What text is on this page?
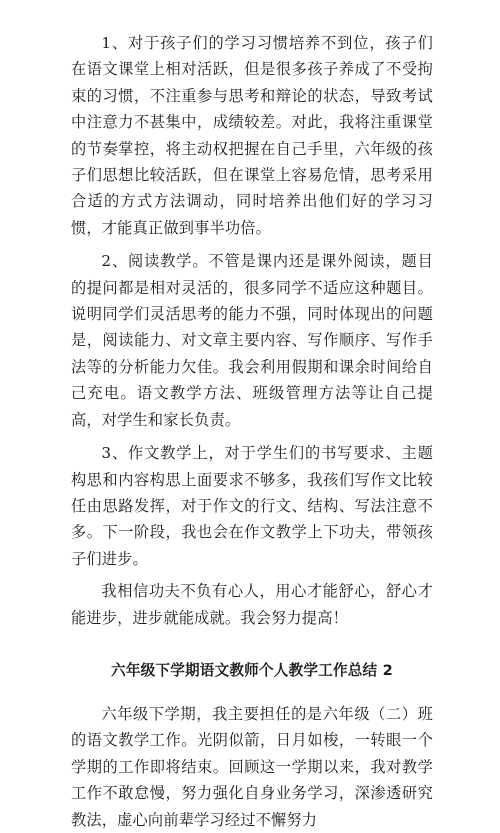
1、对于孩子们的学习习惯培养不到位，孩子们在语文课堂上相对活跃，但是很多孩子养成了不受拘束的习惯，不注重参与思考和辩论的状态，导致考试中注意力不甚集中，成绩较差。对此，我将注重课堂的节奏掌控，将主动权把握在自己手里，六年级的孩子们思想比较活跃，但在课堂上容易危情，思考采用合适的方式方法调动，同时培养出他们好的学习习惯，才能真正做到事半功倍。

2、阅读教学。不管是课内还是课外阅读，题目的提问都是相对灵活的，很多同学不适应这种题目。说明同学们灵活思考的能力不强，同时体现出的问题是，阅读能力、对文章主要内容、写作顺序、写作手法等的分析能力欠佳。我会利用假期和课余时间给自己充电。语文教学方法、班级管理方法等让自己提高，对学生和家长负责。

3、作文教学上，对于学生们的书写要求、主题构思和内容构思上面要求不够多，我孩们写作文比较任由思路发挥，对于作文的行文、结构、写法注意不多。下一阶段，我也会在作文教学上下功夫，带领孩子们进步。

我相信功夫不负有心人，用心才能舒心，舒心才能进步，进步就能成就。我会努力提高！

六年级下学期语文教师个人教学工作总结 2

六年级下学期，我主要担任的是六年级（二）班的语文教学工作。光阴似箭，日月如梭，一转眼一个学期的工作即将结束。回顾这一学期以来，我对教学工作不敢怠慢，努力强化自身业务学习，深渗透研究教法，虚心向前辈学习经过不懈努力
